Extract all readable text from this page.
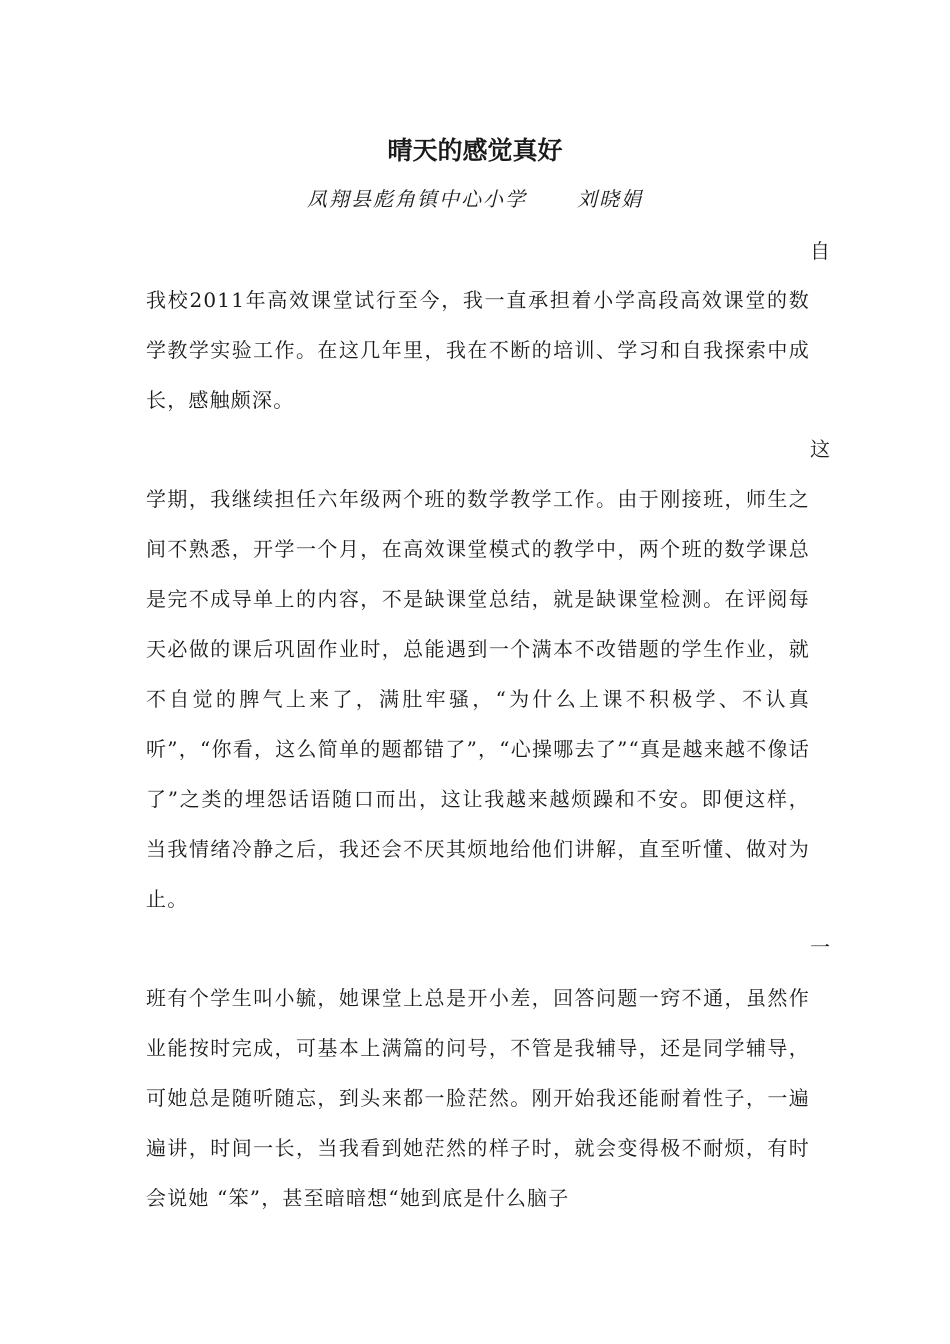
晴天的感觉真好
凤翔县彪角镇中心小学	刘晓娟
自
我校2011年高效课堂试行至今，我一直承担着小学高段高效课堂的数学教学实验工作。在这几年里，我在不断的培训、学习和自我探索中成长，感触颇深。
这
学期，我继续担任六年级两个班的数学教学工作。由于刚接班，师生之间不熟悉，开学一个月，在高效课堂模式的教学中，两个班的数学课总是完不成导单上的内容，不是缺课堂总结，就是缺课堂检测。在评阅每天必做的课后巩固作业时，总能遇到一个满本不改错题的学生作业，就不自觉的脾气上来了，满肚牢骚，“为什么上课不积极学、不认真听”，“你看，这么简单的题都错了”，“心操哪去了”“真是越来越不像话了”之类的埋怨话语随口而出，这让我越来越烦躁和不安。即便这样，当我情绪冷静之后，我还会不厌其烦地给他们讲解，直至听懂、做对为止。
一
班有个学生叫小毓，她课堂上总是开小差，回答问题一窍不通，虽然作业能按时完成，可基本上满篇的问号，不管是我辅导，还是同学辅导，可她总是随听随忘，到头来都一脸茫然。刚开始我还能耐着性子，一遍遍讲，时间一长，当我看到她茫然的样子时，就会变得极不耐烦，有时会说她 “笨”，甚至暗暗想“她到底是什么脑子
